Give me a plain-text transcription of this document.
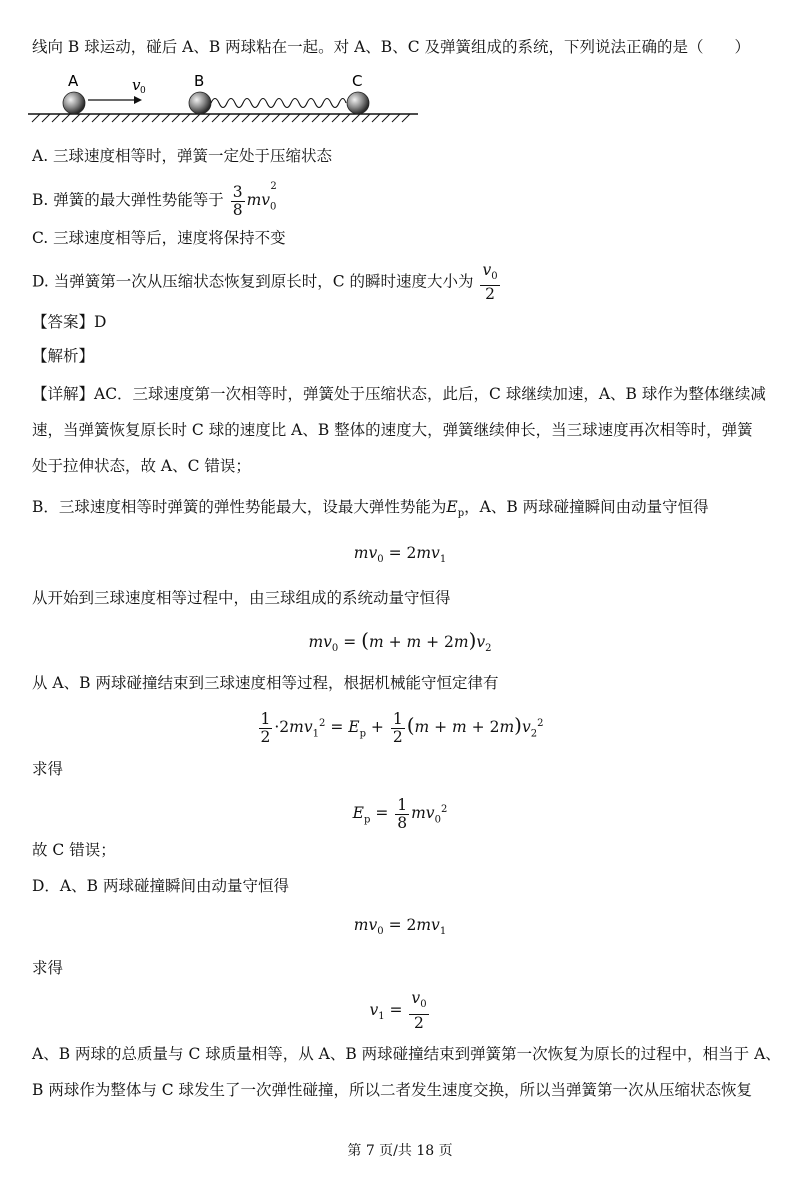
线向 B 球运动，碰后 A、B 两球粘在一起。对 A、B、C 及弹簧组成的系统，下列说法正确的是（　　）
A	B	C
v 0
A. 三球速度相等时，弹簧一定处于压缩状态
B. 弹簧的最大弹性势能等于 $\frac{3}{8} mv_0^2$
C. 三球速度相等后，速度将保持不变
D. 当弹簧第一次从压缩状态恢复到原长时，C 的瞬时速度大小为 $\frac{v_0}{2}$
【答案】D
【解析】
【详解】AC．三球速度第一次相等时，弹簧处于压缩状态，此后，C 球继续加速，A、B 球作为整体继续减
速，当弹簧恢复原长时 C 球的速度比 A、B 整体的速度大，弹簧继续伸长，当三球速度再次相等时，弹簧
处于拉伸状态，故 A、C 错误；
B．三球速度相等时弹簧的弹性势能最大，设最大弹性势能为$E_p$，A、B 两球碰撞瞬间由动量守恒得
$mv_0 = 2mv_1$
从开始到三球速度相等过程中，由三球组成的系统动量守恒得
$mv_0 = (m + m + 2m)v_2$
从 A、B 两球碰撞结束到三球速度相等过程，根据机械能守恒定律有
$\frac{1}{2} \cdot 2mv_1^2 = E_p + \frac{1}{2} (m + m + 2m)v_2^2$
求得
$E_p = \frac{1}{8} mv_0^2$
故 C 错误；
D．A、B 两球碰撞瞬间由动量守恒得
$mv_0 = 2mv_1$
求得
$v_1 = \frac{v_0}{2}$
A、B 两球的总质量与 C 球质量相等，从 A、B 两球碰撞结束到弹簧第一次恢复为原长的过程中，相当于 A、
B 两球作为整体与 C 球发生了一次弹性碰撞，所以二者发生速度交换，所以当弹簧第一次从压缩状态恢复
第 7 页/共 18 页
